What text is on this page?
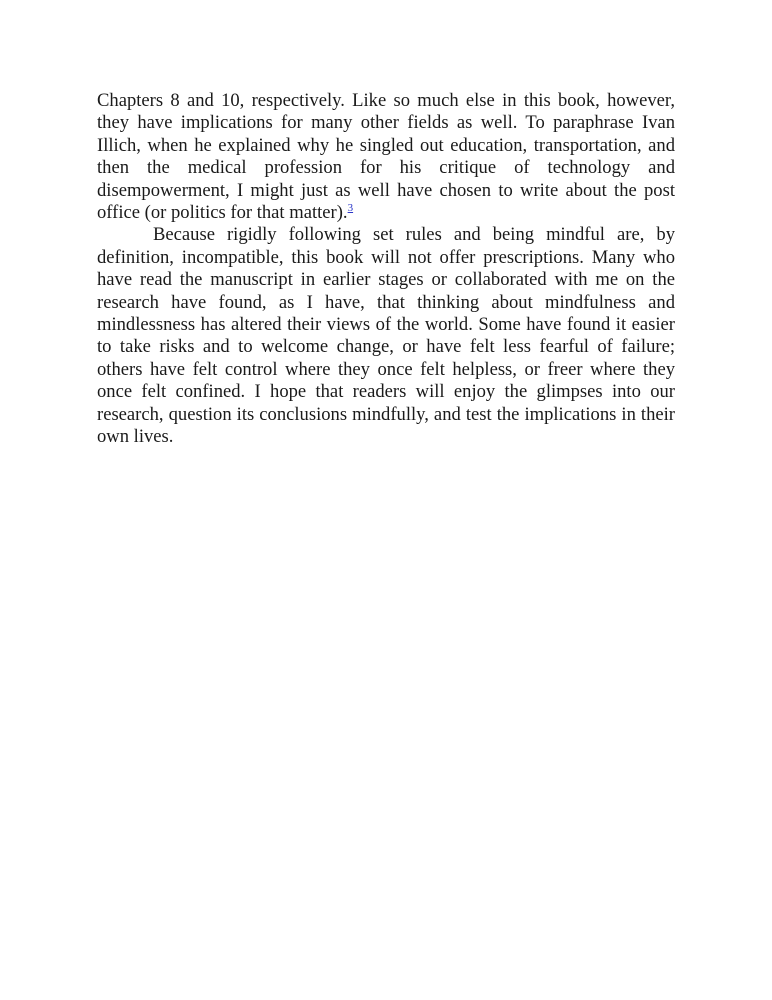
Chapters 8 and 10, respectively. Like so much else in this book, however, they have implications for many other fields as well. To paraphrase Ivan Illich, when he explained why he singled out education, transportation, and then the medical profession for his critique of technology and disempowerment, I might just as well have chosen to write about the post office (or politics for that matter).$^3$

Because rigidly following set rules and being mindful are, by definition, incompatible, this book will not offer prescriptions. Many who have read the manuscript in earlier stages or collaborated with me on the research have found, as I have, that thinking about mindfulness and mindlessness has altered their views of the world. Some have found it easier to take risks and to welcome change, or have felt less fearful of failure; others have felt control where they once felt helpless, or freer where they once felt confined. I hope that readers will enjoy the glimpses into our research, question its conclusions mindfully, and test the implications in their own lives.
